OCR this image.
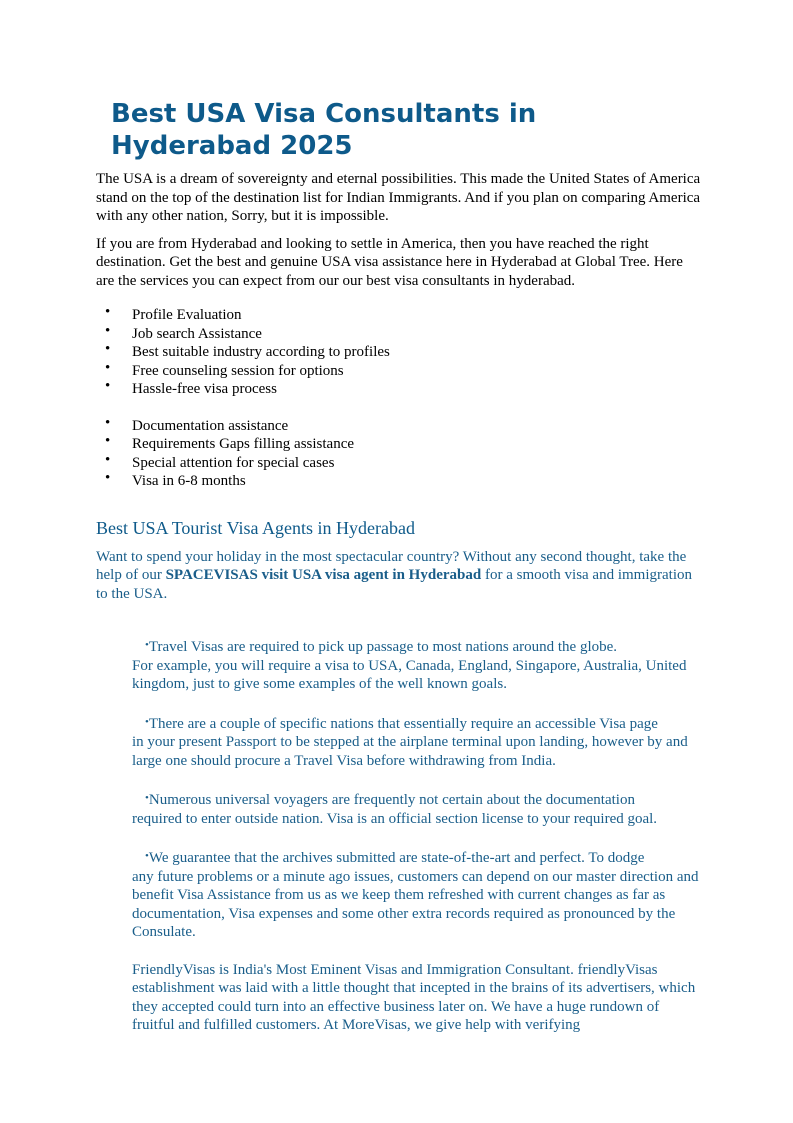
Best USA Visa Consultants in Hyderabad 2025

The USA is a dream of sovereignty and eternal possibilities. This made the United States of America stand on the top of the destination list for Indian Immigrants. And if you plan on comparing America with any other nation, Sorry, but it is impossible.

If you are from Hyderabad and looking to settle in America, then you have reached the right destination. Get the best and genuine USA visa assistance here in Hyderabad at Global Tree. Here are the services you can expect from our our best visa consultants in hyderabad.

• Profile Evaluation
• Job search Assistance
• Best suitable industry according to profiles
• Free counseling session for options
• Hassle-free visa process
• Documentation assistance
• Requirements Gaps filling assistance
• Special attention for special cases
• Visa in 6-8 months
Best USA Tourist Visa Agents in Hyderabad

Want to spend your holiday in the most spectacular country? Without any second thought, take the help of our SPACEVISAS visit USA visa agent in Hyderabad for a smooth visa and immigration to the USA.

•Travel Visas are required to pick up passage to most nations around the globe.
For example, you will require a visa to USA, Canada, England, Singapore, Australia, United kingdom, just to give some examples of the well known goals.
•There are a couple of specific nations that essentially require an accessible Visa page
in your present Passport to be stepped at the airplane terminal upon landing, however by and large one should procure a Travel Visa before withdrawing from India.
•Numerous universal voyagers are frequently not certain about the documentation
required to enter outside nation. Visa is an official section license to your required goal.
•We guarantee that the archives submitted are state-of-the-art and perfect. To dodge
any future problems or a minute ago issues, customers can depend on our master direction and benefit Visa Assistance from us as we keep them refreshed with current changes as far as documentation, Visa expenses and some other extra records required as pronounced by the Consulate.
FriendlyVisas is India's Most Eminent Visas and Immigration Consultant. friendlyVisas establishment was laid with a little thought that incepted in the brains of its advertisers, which they accepted could turn into an effective business later on. We have a huge rundown of fruitful and fulfilled customers. At MoreVisas, we give help with verifying
